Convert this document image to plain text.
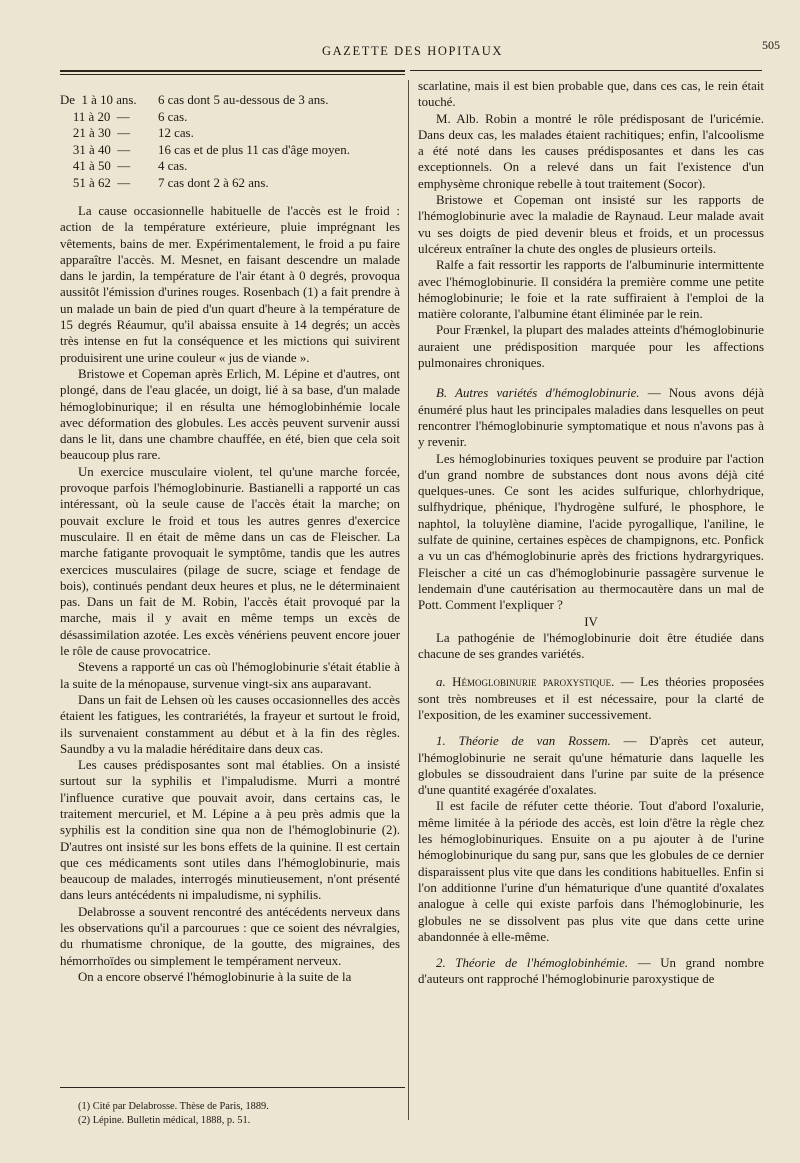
GAZETTE DES HOPITAUX	505
De  1 à 10 ans.	6 cas dont 5 au-dessous de 3 ans.
11 à 20  —	6 cas.
21 à 30  —	12 cas.
31 à 40  —	16 cas et de plus 11 cas d'âge moyen.
41 à 50  —	4 cas.
51 à 62  —	7 cas dont 2 à 62 ans.

La cause occasionnelle habituelle de l'accès est le froid : action de la température extérieure, pluie imprégnant les vêtements, bains de mer. Expérimentalement, le froid a pu faire apparaître l'accès. M. Mesnet, en faisant descendre un malade dans le jardin, la température de l'air étant à 0 degrés, provoqua aussitôt l'émission d'urines rouges. Rosenbach (1) a fait prendre à un malade un bain de pied d'un quart d'heure à la température de 15 degrés Réaumur, qu'il abaissa ensuite à 14 degrés; un accès très intense en fut la conséquence et les mictions qui suivirent produisirent une urine couleur « jus de viande ».

Bristowe et Copeman après Erlich, M. Lépine et d'autres, ont plongé, dans de l'eau glacée, un doigt, lié à sa base, d'un malade hémoglobinurique; il en résulta une hémoglobinhémie locale avec déformation des globules. Les accès peuvent survenir aussi dans le lit, dans une chambre chauffée, en été, bien que cela soit beaucoup plus rare.

Un exercice musculaire violent, tel qu'une marche forcée, provoque parfois l'hémoglobinurie. Bastianelli a rapporté un cas intéressant, où la seule cause de l'accès était la marche; on pouvait exclure le froid et tous les autres genres d'exercice musculaire. Il en était de même dans un cas de Fleischer. La marche fatigante provoquait le symptôme, tandis que les autres exercices musculaires (pilage de sucre, sciage et fendage de bois), continués pendant deux heures et plus, ne le déterminaient pas. Dans un fait de M. Robin, l'accès était provoqué par la marche, mais il y avait en même temps un excès de désassimilation azotée. Les excès vénériens peuvent encore jouer le rôle de cause provocatrice.

Stevens a rapporté un cas où l'hémoglobinurie s'était établie à la suite de la ménopause, survenue vingt-six ans auparavant.

Dans un fait de Lehsen où les causes occasionnelles des accès étaient les fatigues, les contrariétés, la frayeur et surtout le froid, ils survenaient constamment au début et à la fin des règles. Saundby a vu la maladie héréditaire dans deux cas.

Les causes prédisposantes sont mal établies. On a insisté surtout sur la syphilis et l'impaludisme. Murri a montré l'influence curative que pouvait avoir, dans certains cas, le traitement mercuriel, et M. Lépine a à peu près admis que la syphilis est la condition sine qua non de l'hémoglobinurie (2). D'autres ont insisté sur les bons effets de la quinine. Il est certain que ces médicaments sont utiles dans l'hémoglobinurie, mais beaucoup de malades, interrogés minutieusement, n'ont présenté dans leurs antécédents ni impaludisme, ni syphilis.

Delabrosse a souvent rencontré des antécédents nerveux dans les observations qu'il a parcourues : que ce soient des névralgies, du rhumatisme chronique, de la goutte, des migraines, des hémorrhoïdes ou simplement le tempérament nerveux.

On a encore observé l'hémoglobinurie à la suite de la

scarlatine, mais il est bien probable que, dans ces cas, le rein était touché.

M. Alb. Robin a montré le rôle prédisposant de l'uricémie. Dans deux cas, les malades étaient rachitiques; enfin, l'alcoolisme a été noté dans les causes prédisposantes et dans les cas exceptionnels. On a relevé dans un fait l'existence d'un emphysème chronique rebelle à tout traitement (Socor).

Bristowe et Copeman ont insisté sur les rapports de l'hémoglobinurie avec la maladie de Raynaud. Leur malade avait vu ses doigts de pied devenir bleus et froids, et un processus ulcéreux entraîner la chute des ongles de plusieurs orteils.

Ralfe a fait ressortir les rapports de l'albuminurie intermittente avec l'hémoglobinurie. Il considéra la première comme une petite hémoglobinurie; le foie et la rate suffiraient à l'emploi de la matière colorante, l'albumine étant éliminée par le rein.

Pour Frænkel, la plupart des malades atteints d'hémoglobinurie auraient une prédisposition marquée pour les affections pulmonaires chroniques.

B. Autres variétés d'hémoglobinurie. — Nous avons déjà énuméré plus haut les principales maladies dans lesquelles on peut rencontrer l'hémoglobinurie symptomatique et nous n'avons pas à y revenir.

Les hémoglobinuries toxiques peuvent se produire par l'action d'un grand nombre de substances dont nous avons déjà cité quelques-unes. Ce sont les acides sulfurique, chlorhydrique, sulfhydrique, phénique, l'hydrogène sulfuré, le phosphore, le naphtol, la toluylène diamine, l'acide pyrogallique, l'aniline, le sulfate de quinine, certaines espèces de champignons, etc. Ponfick a vu un cas d'hémoglobinurie après des frictions hydrargyriques. Fleischer a cité un cas d'hémoglobinurie passagère survenue le lendemain d'une cautérisation au thermocautère dans un mal de Pott. Comment l'expliquer ?

IV

La pathogénie de l'hémoglobinurie doit être étudiée dans chacune de ses grandes variétés.

a. Hémoglobinurie paroxystique. — Les théories proposées sont très nombreuses et il est nécessaire, pour la clarté de l'exposition, de les examiner successivement.

1. Théorie de van Rossem. — D'après cet auteur, l'hémoglobinurie ne serait qu'une hématurie dans laquelle les globules se dissoudraient dans l'urine par suite de la présence d'une quantité exagérée d'oxalates.

Il est facile de réfuter cette théorie. Tout d'abord l'oxalurie, même limitée à la période des accès, est loin d'être la règle chez les hémoglobinuriques. Ensuite on a pu ajouter à de l'urine hémoglobinurique du sang pur, sans que les globules de ce dernier disparaissent plus vite que dans les conditions habituelles. Enfin si l'on additionne l'urine d'un hématurique d'une quantité d'oxalates analogue à celle qui existe parfois dans l'hémoglobinurie, les globules ne se dissolvent pas plus vite que dans cette urine abandonnée à elle-même.

2. Théorie de l'hémoglobinhémie. — Un grand nombre d'auteurs ont rapproché l'hémoglobinurie paroxystique de

(1) Cité par Delabrosse. Thèse de Paris, 1889.

(2) Lépine. Bulletin médical, 1888, p. 51.
